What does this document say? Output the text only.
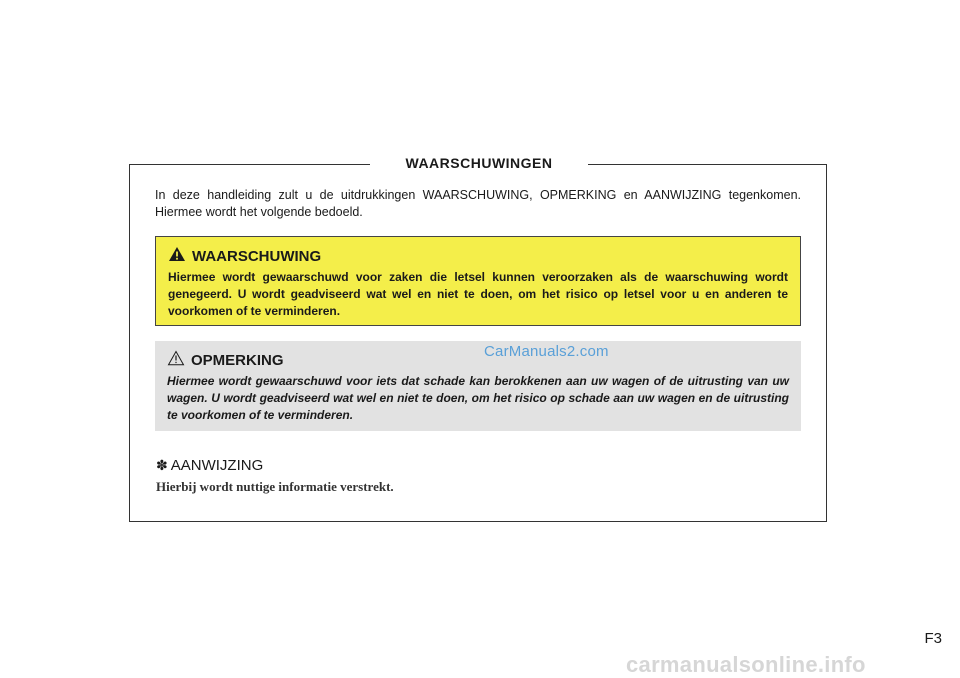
WAARSCHUWINGEN
In deze handleiding zult u de uitdrukkingen WAARSCHUWING, OPMERKING en AANWIJZING tegenkomen. Hiermee wordt het volgende bedoeld.
WAARSCHUWING
Hiermee wordt gewaarschuwd voor zaken die letsel kunnen veroorzaken als de waarschuwing wordt genegeerd. U wordt geadviseerd wat wel en niet te doen, om het risico op letsel voor u en anderen te voorkomen of te verminderen.
OPMERKING
Hiermee wordt gewaarschuwd voor iets dat schade kan berokkenen aan uw wagen of de uitrusting van uw wagen. U wordt geadviseerd wat wel en niet te doen, om het risico op schade aan uw wagen en de uitrusting te voorkomen of te verminderen.
CarManuals2.com
✽ AANWIJZING
Hierbij wordt nuttige informatie verstrekt.
F3
carmanualsonline.info
